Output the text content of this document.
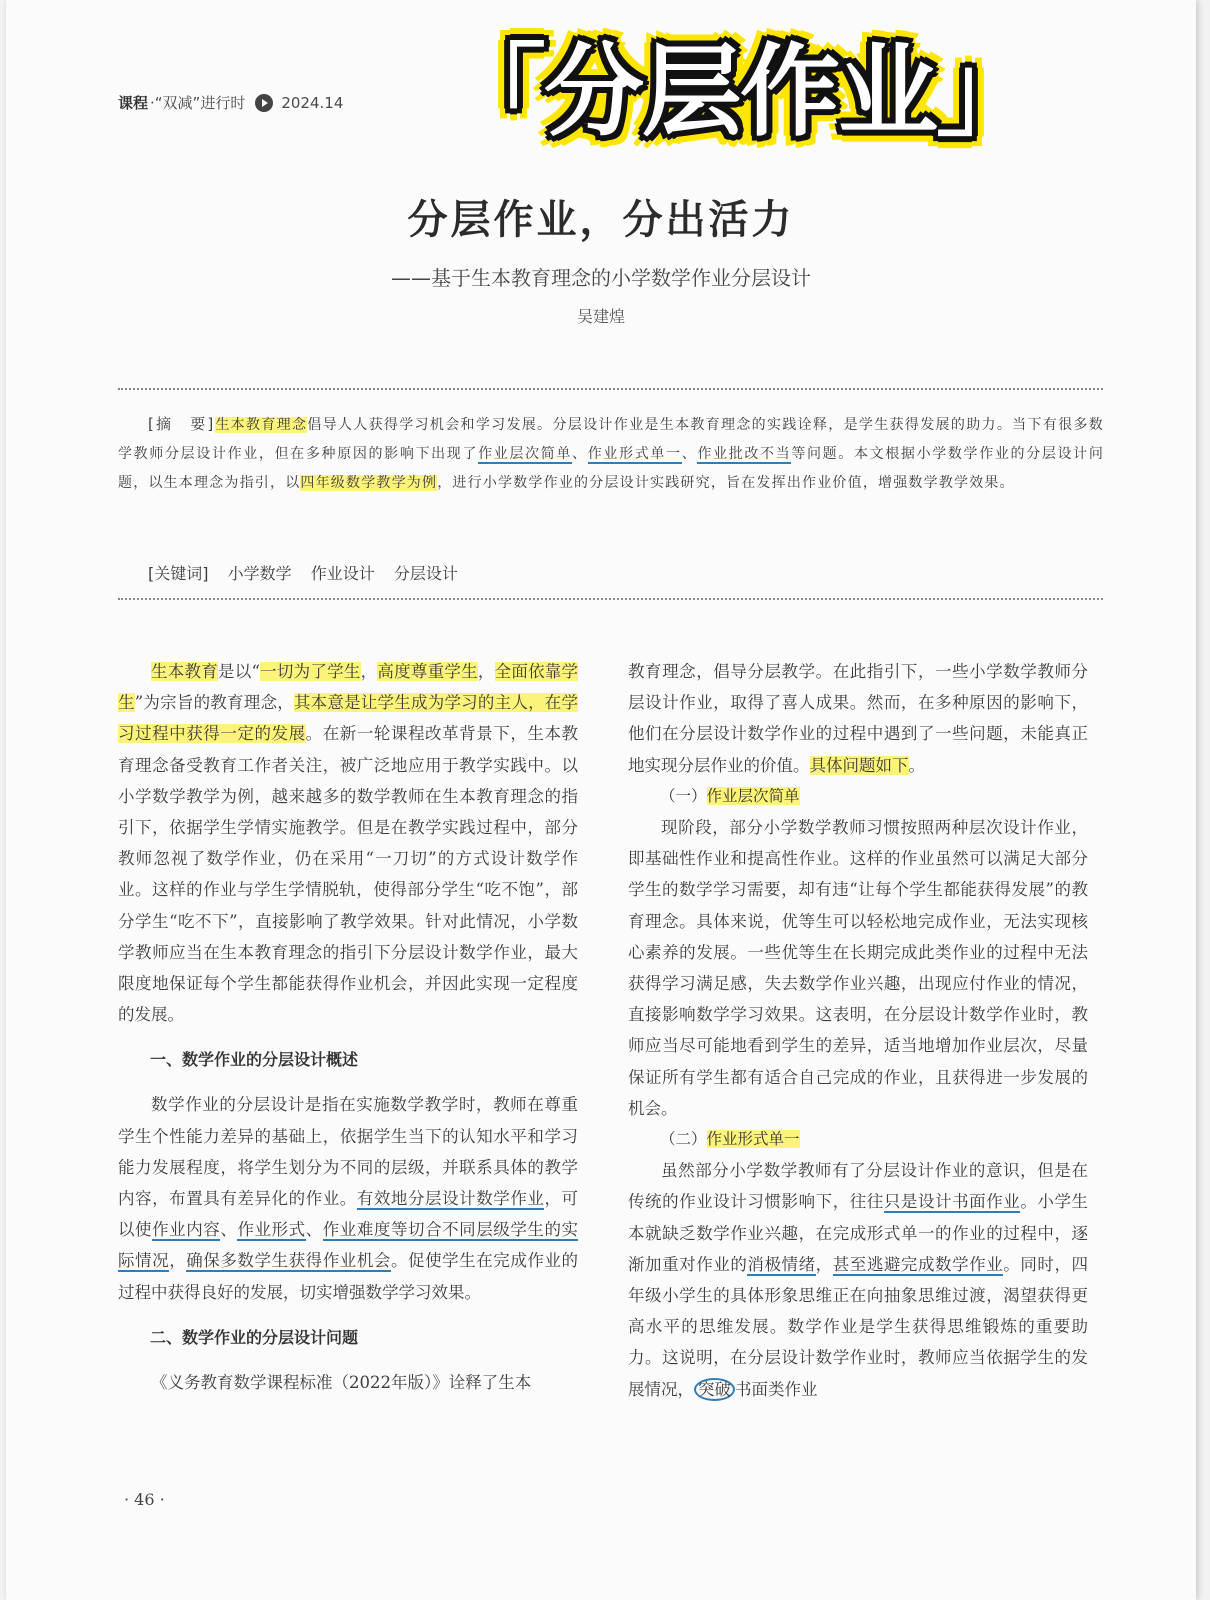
课程 ·“双减”进行时 2024.14 「分层作业」
分层作业，分出活力
——基于生本教育理念的小学数学作业分层设计
吴建煌
[摘　要]生本教育理念倡导人人获得学习机会和学习发展。分层设计作业是生本教育理念的实践诠释，是学生获得发展的助力。当下有很多数学教师分层设计作业，但在多种原因的影响下出现了作业层次简单、作业形式单一、作业批改不当等问题。本文根据小学数学作业的分层设计问题，以生本理念为指引，以四年级数学教学为例，进行小学数学作业的分层设计实践研究，旨在发挥出作业价值，增强数学教学效果。
[关键词] 小学数学 作业设计 分层设计

生本教育是以“一切为了学生，高度尊重学生，全面依靠学生”为宗旨的教育理念，其本意是让学生成为学习的主人，在学习过程中获得一定的发展。在新一轮课程改革背景下，生本教育理念备受教育工作者关注，被广泛地应用于教学实践中。以小学数学教学为例，越来越多的数学教师在生本教育理念的指引下，依据学生学情实施教学。但是在教学实践过程中，部分教师忽视了数学作业，仍在采用“一刀切”的方式设计数学作业。这样的作业与学生学情脱轨，使得部分学生“吃不饱”，部分学生“吃不下”，直接影响了教学效果。针对此情况，小学数学教师应当在生本教育理念的指引下分层设计数学作业，最大限度地保证每个学生都能获得作业机会，并因此实现一定程度的发展。

一、数学作业的分层设计概述

数学作业的分层设计是指在实施数学教学时，教师在尊重学生个性能力差异的基础上，依据学生当下的认知水平和学习能力发展程度，将学生划分为不同的层级，并联系具体的教学内容，布置具有差异化的作业。有效地分层设计数学作业，可以使作业内容、作业形式、作业难度等切合不同层级学生的实际情况，确保多数学生获得作业机会。促使学生在完成作业的过程中获得良好的发展，切实增强数学学习效果。

二、数学作业的分层设计问题

《义务教育数学课程标准（2022年版）》诠释了生本

教育理念，倡导分层教学。在此指引下，一些小学数学教师分层设计作业，取得了喜人成果。然而，在多种原因的影响下，他们在分层设计数学作业的过程中遇到了一些问题，未能真正地实现分层作业的价值。具体问题如下。

（一）作业层次简单

现阶段，部分小学数学教师习惯按照两种层次设计作业，即基础性作业和提高性作业。这样的作业虽然可以满足大部分学生的数学学习需要，却有违“让每个学生都能获得发展”的教育理念。具体来说，优等生可以轻松地完成作业，无法实现核心素养的发展。一些优等生在长期完成此类作业的过程中无法获得学习满足感，失去数学作业兴趣，出现应付作业的情况，直接影响数学学习效果。这表明，在分层设计数学作业时，教师应当尽可能地看到学生的差异，适当地增加作业层次，尽量保证所有学生都有适合自己完成的作业，且获得进一步发展的机会。

（二）作业形式单一

虽然部分小学数学教师有了分层设计作业的意识，但是在传统的作业设计习惯影响下，往往只是设计书面作业。小学生本就缺乏数学作业兴趣，在完成形式单一的作业的过程中，逐渐加重对作业的消极情绪，甚至逃避完成数学作业。同时，四年级小学生的具体形象思维正在向抽象思维过渡，渴望获得更高水平的思维发展。数学作业是学生获得思维锻炼的重要助力。这说明，在分层设计数学作业时，教师应当依据学生的发展情况， 突破 书面类作业

· 46 ·
